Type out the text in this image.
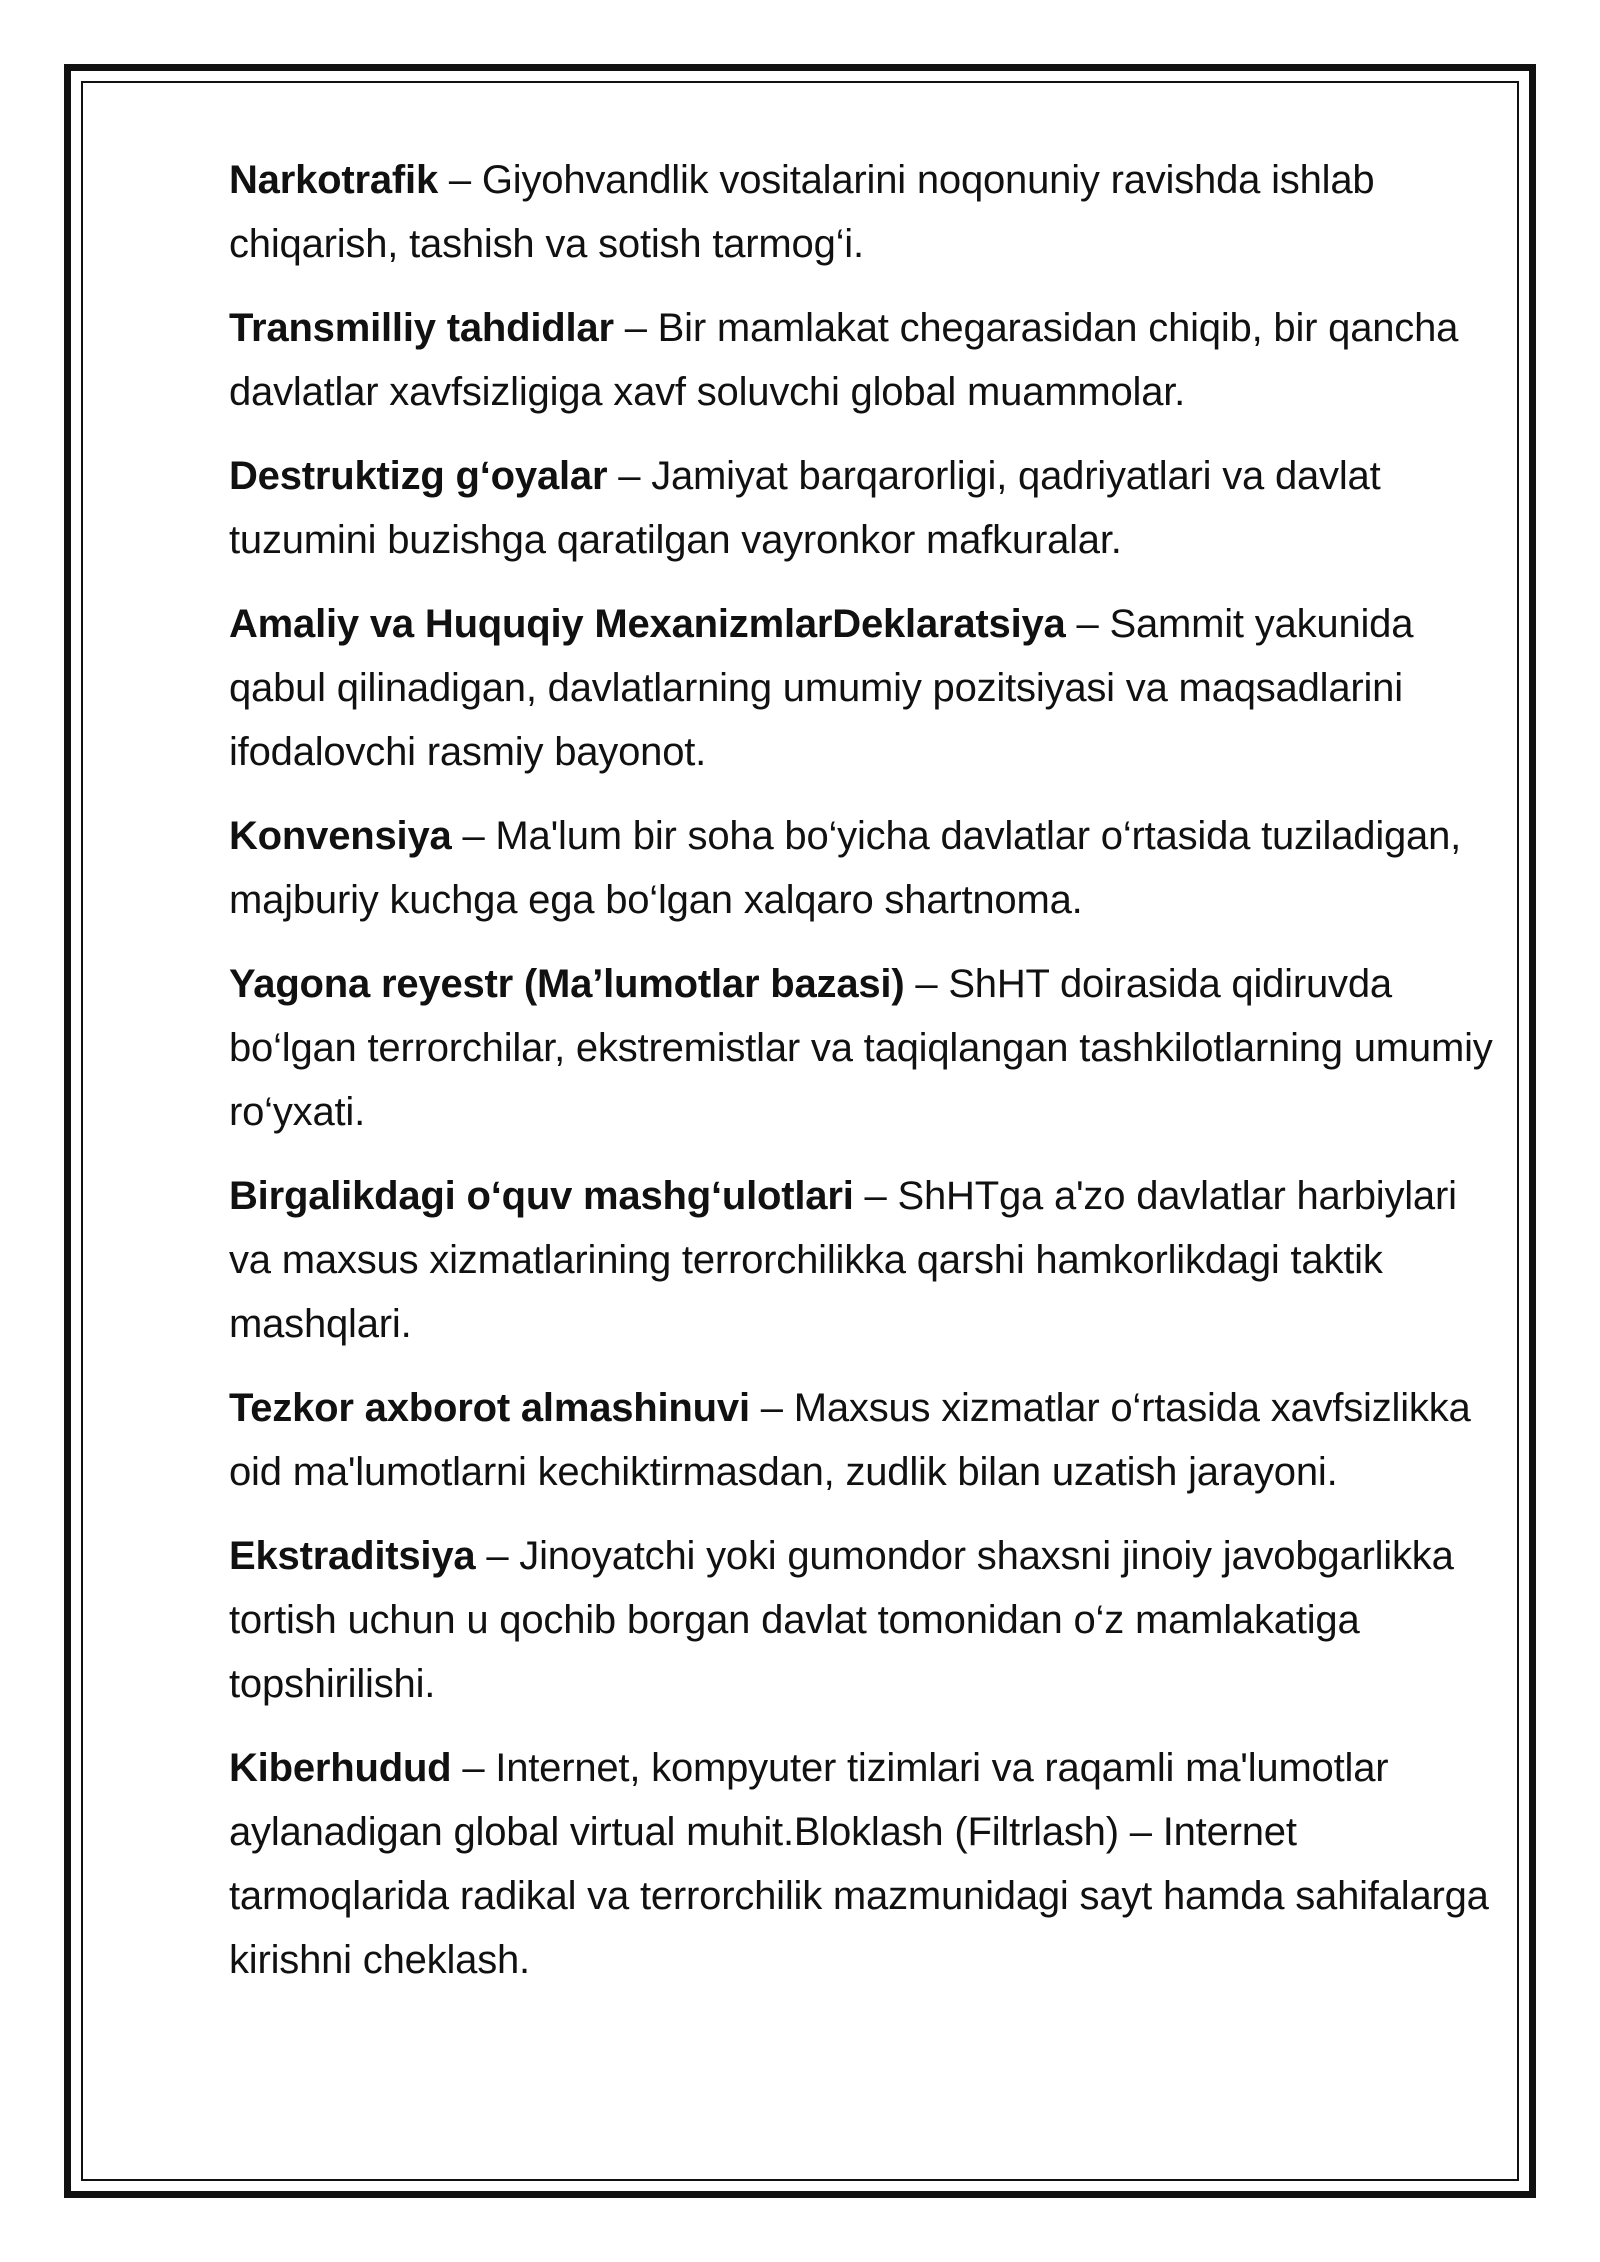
Narkotrafik – Giyohvandlik vositalarini noqonuniy ravishda ishlab chiqarish, tashish va sotish tarmog‘i.

Transmilliy tahdidlar – Bir mamlakat chegarasidan chiqib, bir qancha davlatlar xavfsizligiga xavf soluvchi global muammolar.

Destruktizg g‘oyalar – Jamiyat barqarorligi, qadriyatlari va davlat tuzumini buzishga qaratilgan vayronkor mafkuralar.

Amaliy va Huquqiy MexanizmlarDeklaratsiya – Sammit yakunida qabul qilinadigan, davlatlarning umumiy pozitsiyasi va maqsadlarini ifodalovchi rasmiy bayonot.

Konvensiya – Ma'lum bir soha bo‘yicha davlatlar o‘rtasida tuziladigan, majburiy kuchga ega bo‘lgan xalqaro shartnoma.

Yagona reyestr (Ma’lumotlar bazasi) – ShHT doirasida qidiruvda bo‘lgan terrorchilar, ekstremistlar va taqiqlangan tashkilotlarning umumiy ro‘yxati.

Birgalikdagi o‘quv mashg‘ulotlari – ShHTga a'zo davlatlar harbiylari va maxsus xizmatlarining terrorchilikka qarshi hamkorlikdagi taktik mashqlari.

Tezkor axborot almashinuvi – Maxsus xizmatlar o‘rtasida xavfsizlikka oid ma'lumotlarni kechiktirmasdan, zudlik bilan uzatish jarayoni.

Ekstraditsiya – Jinoyatchi yoki gumondor shaxsni jinoiy javobgarlikka tortish uchun u qochib borgan davlat tomonidan o‘z mamlakatiga topshirilishi.

Kiberhudud – Internet, kompyuter tizimlari va raqamli ma'lumotlar aylanadigan global virtual muhit.Bloklash (Filtrlash) – Internet tarmoqlarida radikal va terrorchilik mazmunidagi sayt hamda sahifalarga kirishni cheklash.
